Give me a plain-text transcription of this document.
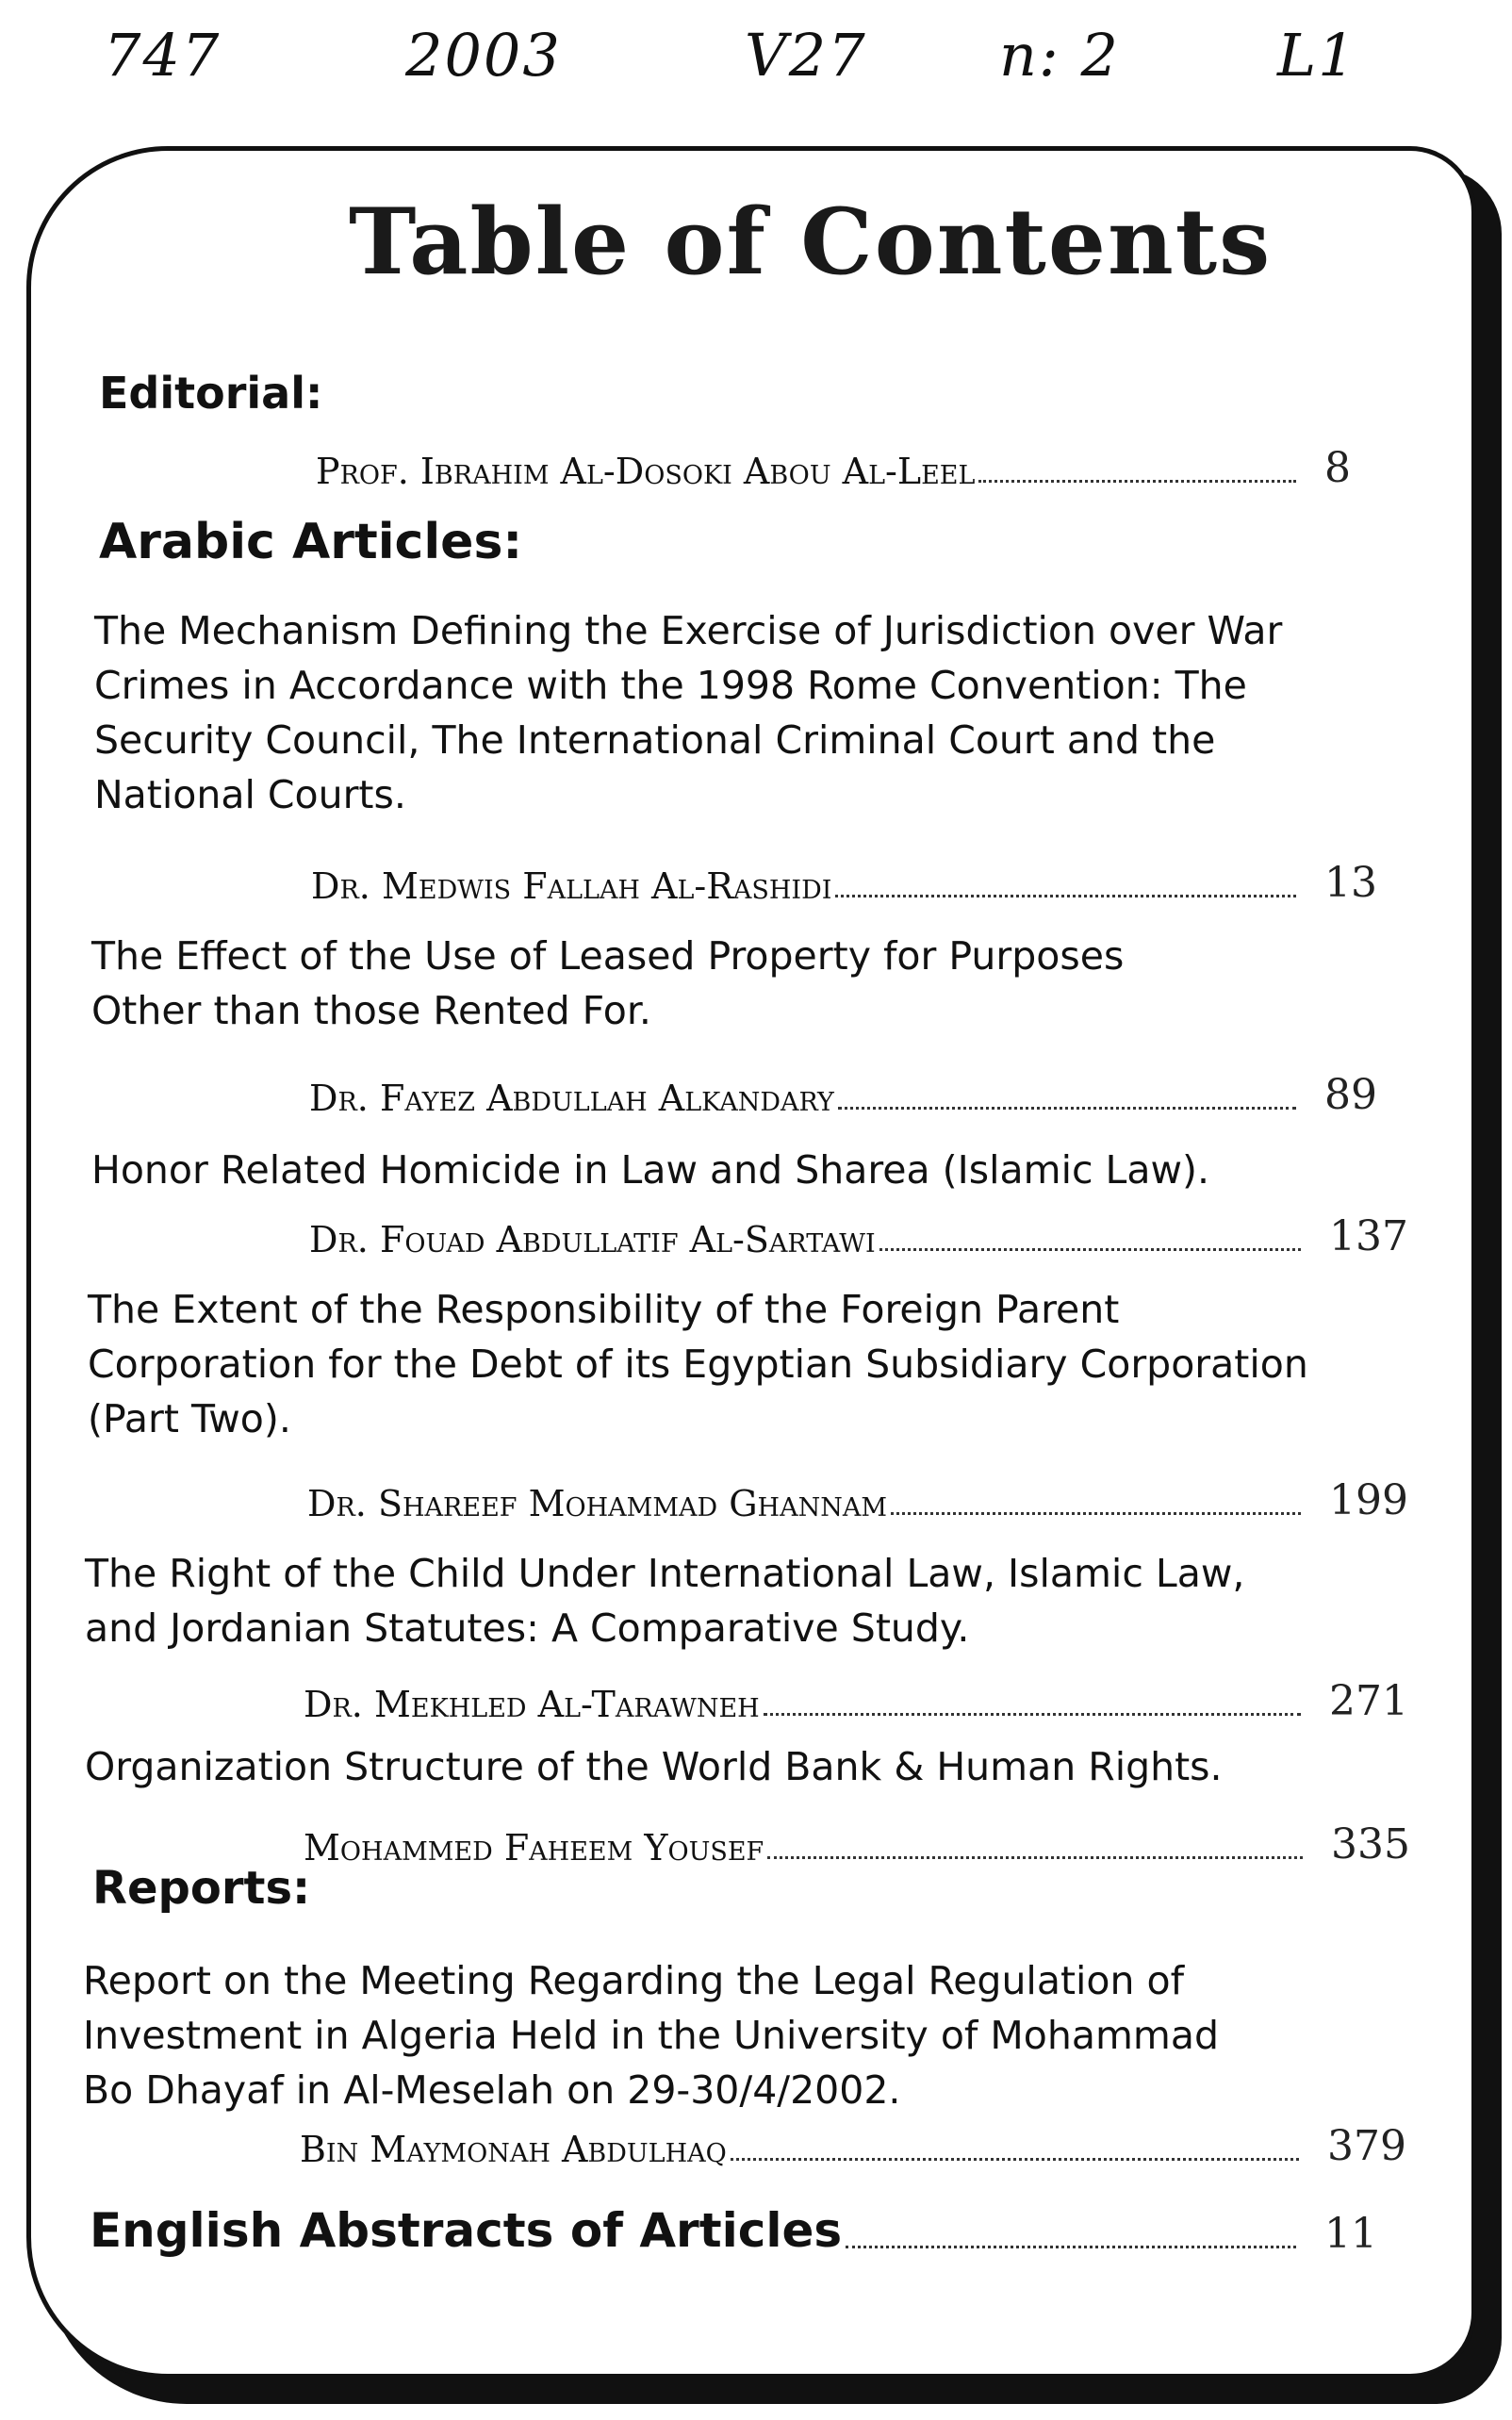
747	2003	V27 n: 2	L1
Table of Contents
Editorial:
Prof. Ibrahim Al-Dosoki Abou Al-Leel	8
Arabic Articles:
The Mechanism Defining the Exercise of Jurisdiction over War Crimes in Accordance with the 1998 Rome Convention: The Security Council, The International Criminal Court and the National Courts.
Dr. Medwis Fallah Al-Rashidi	13
The Effect of the Use of Leased Property for Purposes Other than those Rented For.
Dr. Fayez Abdullah Alkandary	89
Honor Related Homicide in Law and Sharea (Islamic Law).
Dr. Fouad Abdullatif Al-Sartawi	137
The Extent of the Responsibility of the Foreign Parent Corporation for the Debt of its Egyptian Subsidiary Corporation (Part Two).
Dr. Shareef Mohammad Ghannam	199
The Right of the Child Under International Law, Islamic Law, and Jordanian Statutes: A Comparative Study.
Dr. Mekhled Al-Tarawneh	271
Organization Structure of the World Bank & Human Rights.
Mohammed Faheem Yousef	335
Reports:
Report on the Meeting Regarding the Legal Regulation of Investment in Algeria Held in the University of Mohammad Bo Dhayaf in Al-Meselah on 29-30/4/2002.
Bin Maymonah Abdulhaq	379
English Abstracts of Articles	11
